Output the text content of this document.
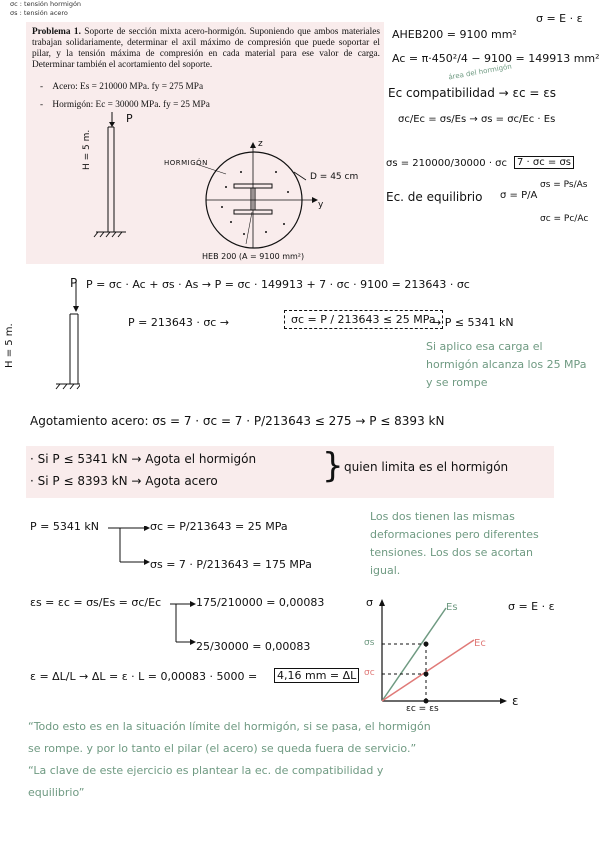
σc : tensión hormigón
σs : tensión acero
Problema 1. Soporte de sección mixta acero-hormigón. Suponiendo que ambos materiales trabajan solidariamente, determinar el axil máximo de compresión que puede soportar el pilar, y la tensión máxima de compresión en cada material para ese valor de carga. Determinar también el acortamiento del soporte.
-    Acero: Es = 210000 MPa. fy = 275 MPa
-    Hormigón: Ec = 30000 MPa. fy = 25 MPa
P
H = 5 m.	HORMIGÓN
z
y
D = 45 cm
HEB 200 (A = 9100 mm²)
σ = E · ε
AHEB200 = 9100 mm²
Ac = π·450²/4 − 9100 = 149913 mm²
área del hormigón
Ec compatibilidad → εc = εs
σc/Ec = σs/Es → σs = σc/Ec · Es
σs = 210000/30000 · σc 7 · σc = σs
Ec. de equilibrio σ = P/A
σs = Ps/As
σc = Pc/Ac
P = σc · Ac + σs · As → P = σc · 149913 + 7 · σc · 9100 = 213643 · σc
P
H = 5 m.
P = 213643 · σc →	σc = P / 213643 ≤ 25 MPa
→ P ≤ 5341 kN
Si aplico esa carga el
hormigón alcanza los 25 MPa
y se rompe
Agotamiento acero: σs = 7 · σc = 7 · P/213643 ≤ 275 → P ≤ 8393 kN
· Si P ≤ 5341 kN → Agota el hormigón
· Si P ≤ 8393 kN → Agota acero	} quien limita es el hormigón
P = 5341 kN	σc = P/213643 = 25 MPa
σs = 7 · P/213643 = 175 MPa
Los dos tienen las mismas
deformaciones pero diferentes
tensiones. Los dos se acortan
igual.
εs = εc = σs/Es = σc/Ec	175/210000 = 0,00083
25/30000 = 0,00083
ε = ΔL/L → ΔL = ε · L = 0,00083 · 5000 = 4,16 mm = ΔL
σ
ε
Es
Ec
σs
σc
εc = εs
σ = E · ε
“Todo esto es en la situación límite del hormigón, si se pasa, el hormigón
se rompe. y por lo tanto el pilar (el acero) se queda fuera de servicio.”
“La clave de este ejercicio es plantear la ec. de compatibilidad y
equilibrio”
